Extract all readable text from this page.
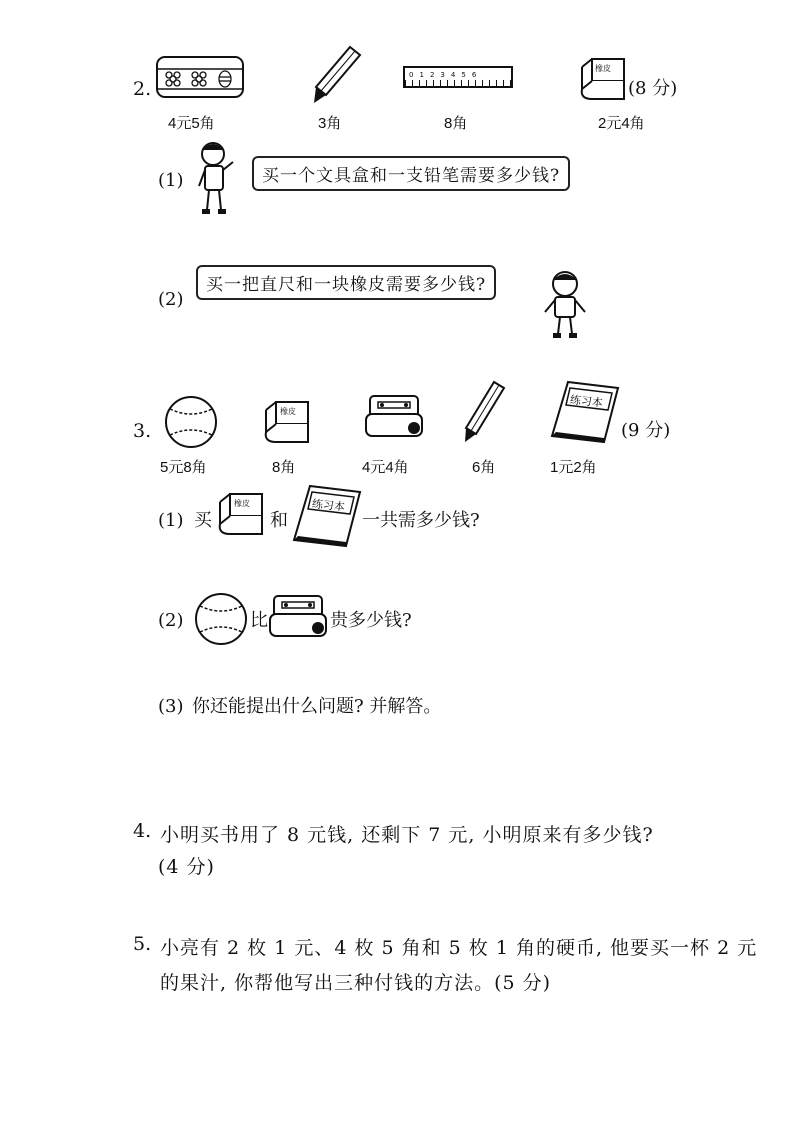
2.
4元5角	3角
0 1 2 3 4 5 6
8角
橡皮
2元4角
(8 分)
(1)	买一个文具盒和一支铅笔需要多少钱?
(2)
买一把直尺和一块橡皮需要多少钱?
3.
5元8角
橡皮
8角	4元4角	6角
练习本
1元2角
(9 分)
(1) 买
橡皮
和
练习本
一共需多少钱?
(2)	比	贵多少钱?
(3) 你还能提出什么问题? 并解答。
4. 小明买书用了 8 元钱, 还剩下 7 元, 小明原来有多少钱?
(4 分)
5. 小亮有 2 枚 1 元、4 枚 5 角和 5 枚 1 角的硬币, 他要买一杯 2 元
的果汁, 你帮他写出三种付钱的方法。(5 分)
